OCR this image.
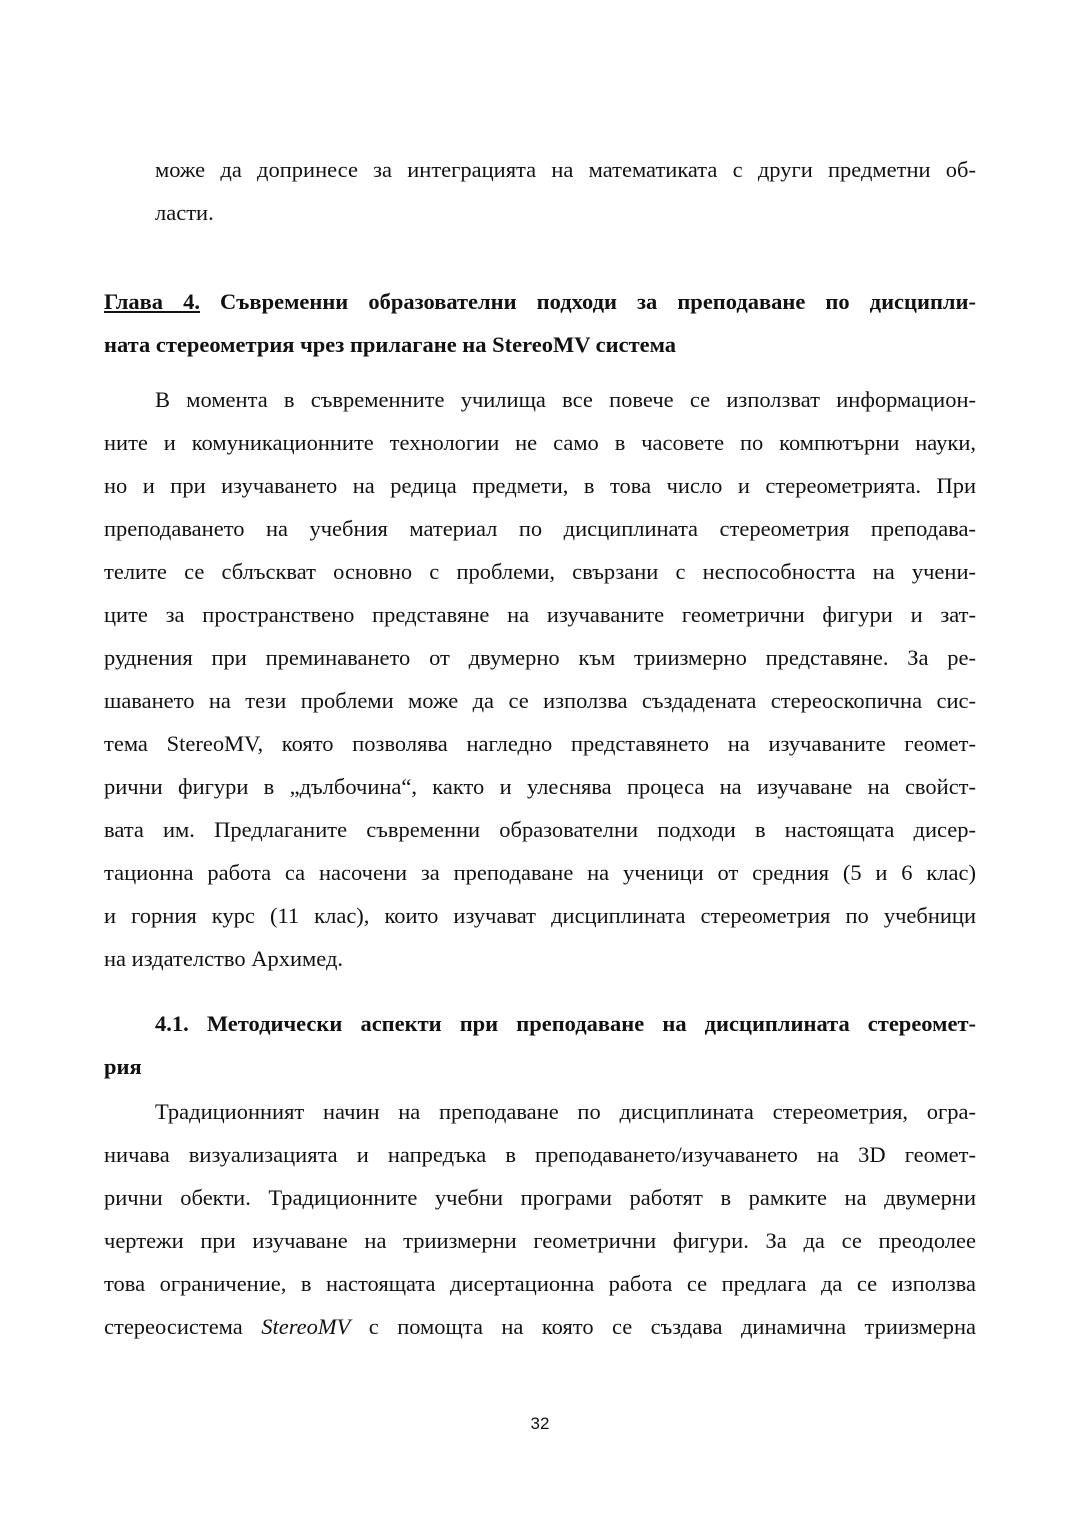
може да допринесе за интеграцията на математиката с други предметни об-
ласти.
Глава 4. Съвременни образователни подходи за преподаване по дисципли-
ната стереометрия чрез прилагане на StereoMV система
В момента в съвременните училища все повече се използват информацион-
ните и комуникационните технологии не само в часовете по компютърни науки,
но и при изучаването на редица предмети, в това число и стереометрията. При
преподаването на учебния материал по дисциплината стереометрия преподава-
телите се сблъскват основно с проблеми, свързани с неспособността на учени-
ците за пространствено представяне на изучаваните геометрични фигури и зат-
руднения при преминаването от двумерно към триизмерно представяне. За ре-
шаването на тези проблеми може да се използва създадената стереоскопична сис-
тема StereoMV, която позволява нагледно представянето на изучаваните гeомет-
рични фигури в „дълбочина“, както и улеснява процеса на изучаване на свойст-
вата им. Предлаганите съвременни образователни подходи в настоящата дисер-
тационна работа са насочени за преподаване на ученици от средния (5 и 6 клас)
и горния курс (11 клас), които изучават дисциплината стереометрия по учебници
на издателство Архимед.
4.1. Методически аспекти при преподаване на дисциплината стереомет-
рия
Традиционният начин на преподаване по дисциплината стереометрия, огра-
ничава визуализацията и напредъка в преподаването/изучаването на 3D геомет-
рични обекти. Традиционните учебни програми работят в рамките на двумерни
чертежи при изучаване на триизмерни геометрични фигури. За да се преодолее
това ограничение, в настоящата дисертационна работа се предлага да се използва
стереосистема StereoMV с помощта на която се създава динамична триизмерна
32
